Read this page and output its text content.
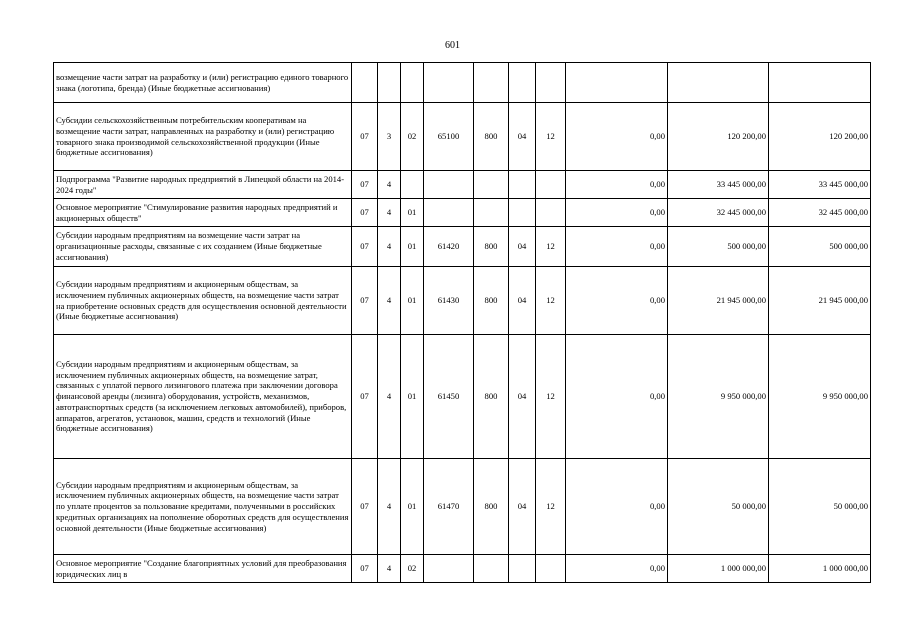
601
возмещение части затрат на разработку и (или) регистрацию единого товарного знака (логотипа, бренда) (Иные бюджетные ассигнования)										
Субсидии сельскохозяйственным потребительским кооперативам на возмещение части затрат, направленных на разработку и (или) регистрацию товарного знака производимой сельскохозяйственной продукции (Иные бюджетные ассигнования)	07	3	02	65100	800	04	12	0,00	120 200,00	120 200,00
Подпрограмма "Развитие народных предприятий в Липецкой области на 2014-2024 годы"	07	4						0,00	33 445 000,00	33 445 000,00
Основное мероприятие "Стимулирование развития народных предприятий и акционерных обществ"	07	4	01					0,00	32 445 000,00	32 445 000,00
Субсидии народным предприятиям на возмещение части затрат на организационные расходы, связанные с их созданием (Иные бюджетные ассигнования)	07	4	01	61420	800	04	12	0,00	500 000,00	500 000,00
Субсидии народным предприятиям и акционерным обществам, за исключением публичных акционерных обществ, на возмещение части затрат на приобретение основных средств для осуществления основной деятельности (Иные бюджетные ассигнования)	07	4	01	61430	800	04	12	0,00	21 945 000,00	21 945 000,00
Субсидии народным предприятиям и акционерным обществам, за исключением публичных акционерных обществ, на возмещение затрат, связанных с уплатой первого лизингового платежа при заключении договора финансовой аренды (лизинга) оборудования, устройств, механизмов, автотранспортных средств (за исключением легковых автомобилей), приборов, аппаратов, агрегатов, установок, машин, средств и технологий (Иные бюджетные ассигнования)	07	4	01	61450	800	04	12	0,00	9 950 000,00	9 950 000,00
Субсидии народным предприятиям и акционерным обществам, за исключением публичных акционерных обществ, на возмещение части затрат по уплате процентов за пользование кредитами, полученными в российских кредитных организациях на пополнение оборотных средств для осуществления основной деятельности (Иные бюджетные ассигнования)	07	4	01	61470	800	04	12	0,00	50 000,00	50 000,00
Основное мероприятие "Создание благоприятных условий для преобразования юридических лиц в	07	4	02					0,00	1 000 000,00	1 000 000,00
